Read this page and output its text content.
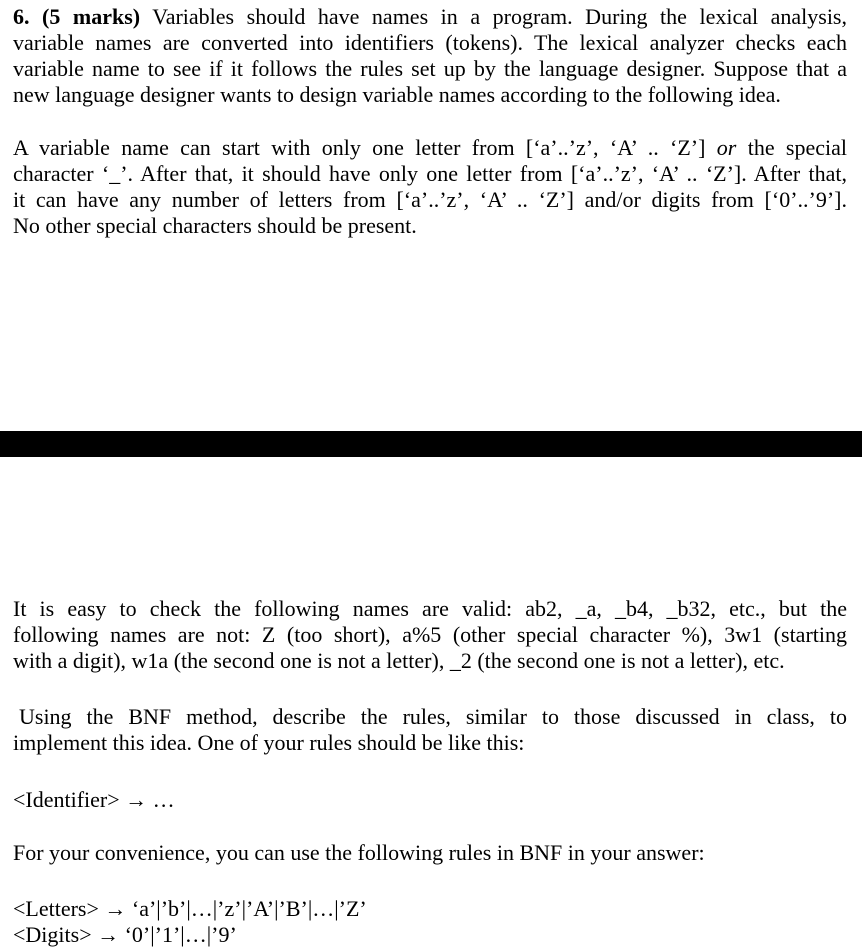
6. (5 marks) Variables should have names in a program. During the lexical analysis,
variable names are converted into identifiers (tokens). The lexical analyzer checks each
variable name to see if it follows the rules set up by the language designer. Suppose that a
new language designer wants to design variable names according to the following idea.
A variable name can start with only one letter from [‘a’..’z’, ‘A’ .. ‘Z’] or the special
character ‘_’. After that, it should have only one letter from [‘a’..’z’, ‘A’ .. ‘Z’]. After that,
it can have any number of letters from [‘a’..’z’, ‘A’ .. ‘Z’] and/or digits from [‘0’..’9’].
No other special characters should be present.
It is easy to check the following names are valid: ab2, _a, _b4, _b32, etc., but the
following names are not: Z (too short), a%5 (other special character %), 3w1 (starting
with a digit), w1a (the second one is not a letter), _2 (the second one is not a letter), etc.
Using the BNF method, describe the rules, similar to those discussed in class, to
implement this idea. One of your rules should be like this:
<Identifier> → …
For your convenience, you can use the following rules in BNF in your answer:
<Letters> → ‘a’|’b’|…|’z’|’A’|’B’|…|’Z’
<Digits> → ‘0’|’1’|…|’9’
